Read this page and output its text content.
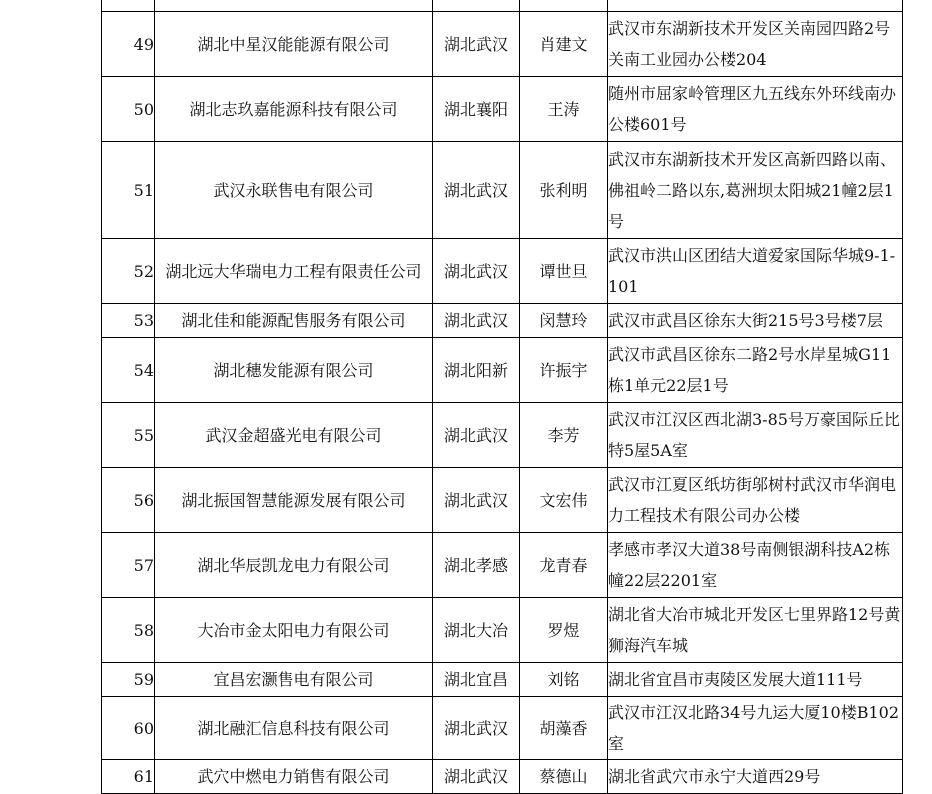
49	湖北中星汉能能源有限公司	湖北武汉	肖建文	武汉市东湖新技术开发区关南园四路2号关南工业园办公楼204
50	湖北志玖嘉能源科技有限公司	湖北襄阳	王涛	随州市屈家岭管理区九五线东外环线南办公楼601号
51	武汉永联售电有限公司	湖北武汉	张利明	武汉市东湖新技术开发区高新四路以南、佛祖岭二路以东,葛洲坝太阳城21幢2层1号
52	湖北远大华瑞电力工程有限责任公司	湖北武汉	谭世旦	武汉市洪山区团结大道爱家国际华城9-1-101
53	湖北佳和能源配售服务有限公司	湖北武汉	闵慧玲	武汉市武昌区徐东大街215号3号楼7层
54	湖北穗发能源有限公司	湖北阳新	许振宇	武汉市武昌区徐东二路2号水岸星城G11栋1单元22层1号
55	武汉金超盛光电有限公司	湖北武汉	李芳	武汉市江汉区西北湖3-85号万豪国际丘比特5屋5A室
56	湖北振国智慧能源发展有限公司	湖北武汉	文宏伟	武汉市江夏区纸坊街邬树村武汉市华润电力工程技术有限公司办公楼
57	湖北华辰凯龙电力有限公司	湖北孝感	龙青春	孝感市孝汉大道38号南侧银湖科技A2栋幢22层2201室
58	大冶市金太阳电力有限公司	湖北大冶	罗煜	湖北省大冶市城北开发区七里界路12号黄狮海汽车城
59	宜昌宏灏售电有限公司	湖北宜昌	刘铭	湖北省宜昌市夷陵区发展大道111号
60	湖北融汇信息科技有限公司	湖北武汉	胡藻香	武汉市江汉北路34号九运大厦10楼B102室
61	武穴中燃电力销售有限公司	湖北武汉	蔡德山	湖北省武穴市永宁大道西29号
